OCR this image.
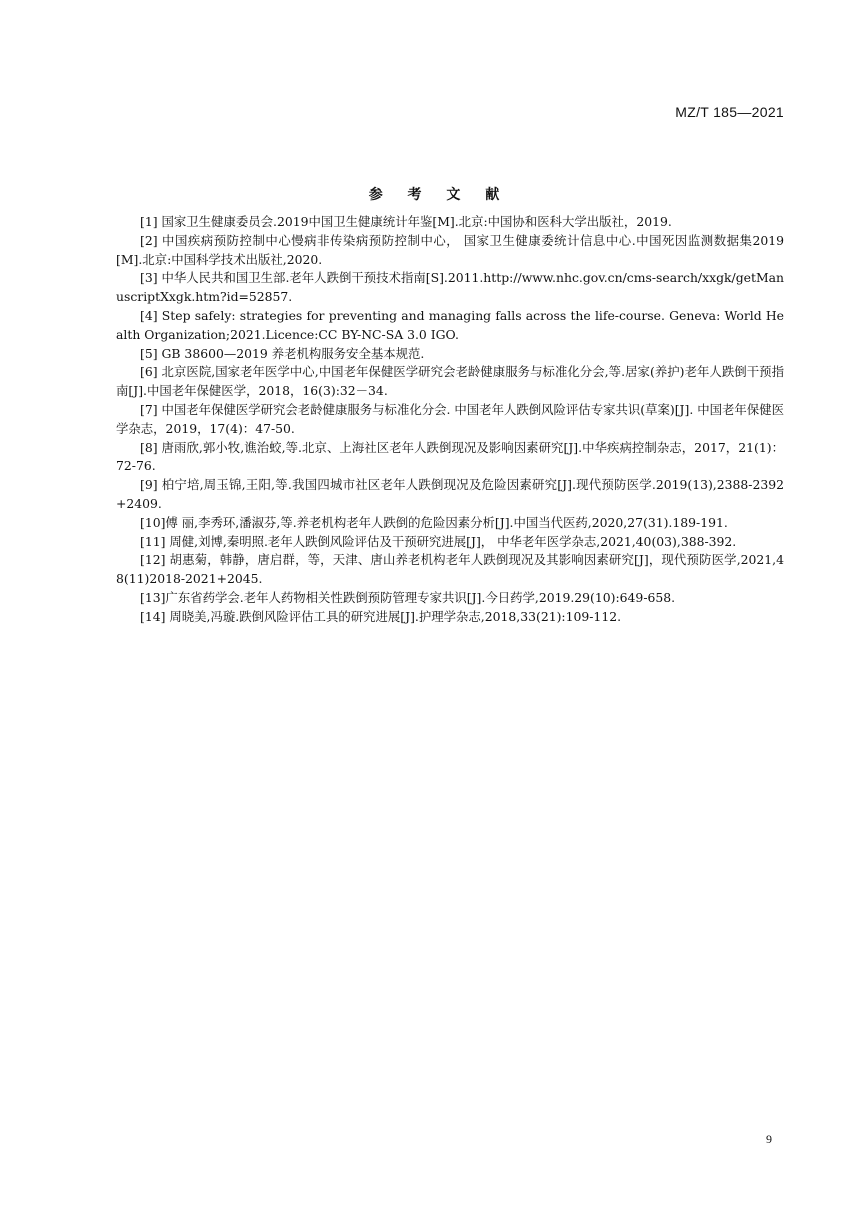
MZ/T 185—2021
参 考 文 献
[1] 国家卫生健康委员会.2019中国卫生健康统计年鉴[M].北京:中国协和医科大学出版社，2019.
[2] 中国疾病预防控制中心慢病非传染病预防控制中心， 国家卫生健康委统计信息中心.中国死因监测数据集2019[M].北京:中国科学技术出版社,2020.
[3] 中华人民共和国卫生部.老年人跌倒干预技术指南[S].2011.http://www.nhc.gov.cn/cms-search/xxgk/getManuscriptXxgk.htm?id=52857.
[4] Step safely: strategies for preventing and managing falls across the life-course. Geneva: World Health Organization;2021.Licence:CC BY-NC-SA 3.0 IGO.
[5] GB 38600—2019 养老机构服务安全基本规范.
[6] 北京医院,国家老年医学中心,中国老年保健医学研究会老龄健康服务与标准化分会,等.居家(养护)老年人跌倒干预指南[J].中国老年保健医学，2018，16(3):32－34.
[7] 中国老年保健医学研究会老龄健康服务与标准化分会. 中国老年人跌倒风险评估专家共识(草案)[J]. 中国老年保健医学杂志，2019，17(4)：47-50.
[8] 唐雨欣,郭小牧,谯治蛟,等.北京、上海社区老年人跌倒现况及影响因素研究[J].中华疾病控制杂志，2017，21(1)：72-76.
[9] 柏宁培,周玉锦,王阳,等.我国四城市社区老年人跌倒现况及危险因素研究[J].现代预防医学.2019(13),2388-2392+2409.
[10]傅 丽,李秀环,潘淑芬,等.养老机构老年人跌倒的危险因素分析[J].中国当代医药,2020,27(31).189-191.
[11] 周健,刘博,秦明照.老年人跌倒风险评估及干预研究进展[J]， 中华老年医学杂志,2021,40(03),388-392.
[12] 胡惠菊，韩静，唐启群，等，天津、唐山养老机构老年人跌倒现况及其影响因素研究[J]，现代预防医学,2021,48(11)2018-2021+2045.
[13]广东省药学会.老年人药物相关性跌倒预防管理专家共识[J].今日药学,2019.29(10):649-658.
[14] 周晓美,冯璇.跌倒风险评估工具的研究进展[J].护理学杂志,2018,33(21):109-112.
9
